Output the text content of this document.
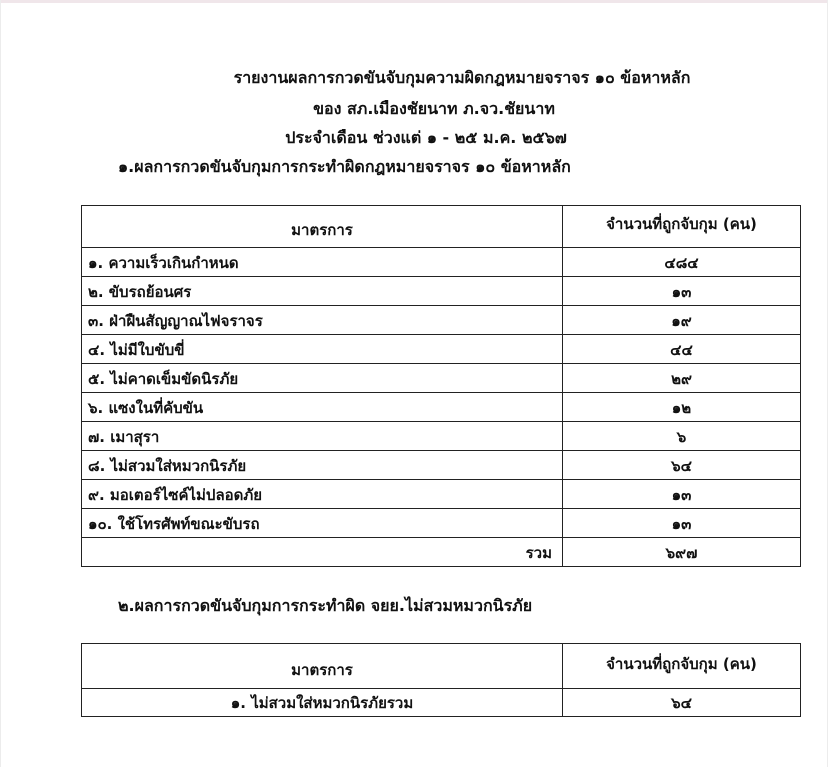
รายงานผลการกวดขันจับกุมความผิดกฎหมายจราจร ๑๐ ข้อหาหลัก
ของ สภ.เมืองชัยนาท ภ.จว.ชัยนาท
ประจำเดือน ช่วงแต่ ๑ - ๒๕ ม.ค. ๒๕๖๗
๑.ผลการกวดขันจับกุมการกระทำผิดกฎหมายจราจร ๑๐ ข้อหาหลัก
มาตรการ	จำนวนที่ถูกจับกุม (คน)
๑. ความเร็วเกินกำหนด	๔๘๔
๒. ขับรถย้อนศร	๑๓
๓. ฝ่าฝืนสัญญาณไฟจราจร	๑๙
๔. ไม่มีใบขับขี่	๔๔
๕. ไม่คาดเข็มขัดนิรภัย	๒๙
๖. แซงในที่คับขัน	๑๒
๗. เมาสุรา	๖
๘. ไม่สวมใส่หมวกนิรภัย	๖๔
๙. มอเตอร์ไซค์ไม่ปลอดภัย	๑๓
๑๐. ใช้โทรศัพท์ขณะขับรถ	๑๓
รวม	๖๙๗
๒.ผลการกวดขันจับกุมการกระทำผิด จยย.ไม่สวมหมวกนิรภัย
มาตรการ	จำนวนที่ถูกจับกุม (คน)
๑. ไม่สวมใส่หมวกนิรภัยรวม	๖๔
